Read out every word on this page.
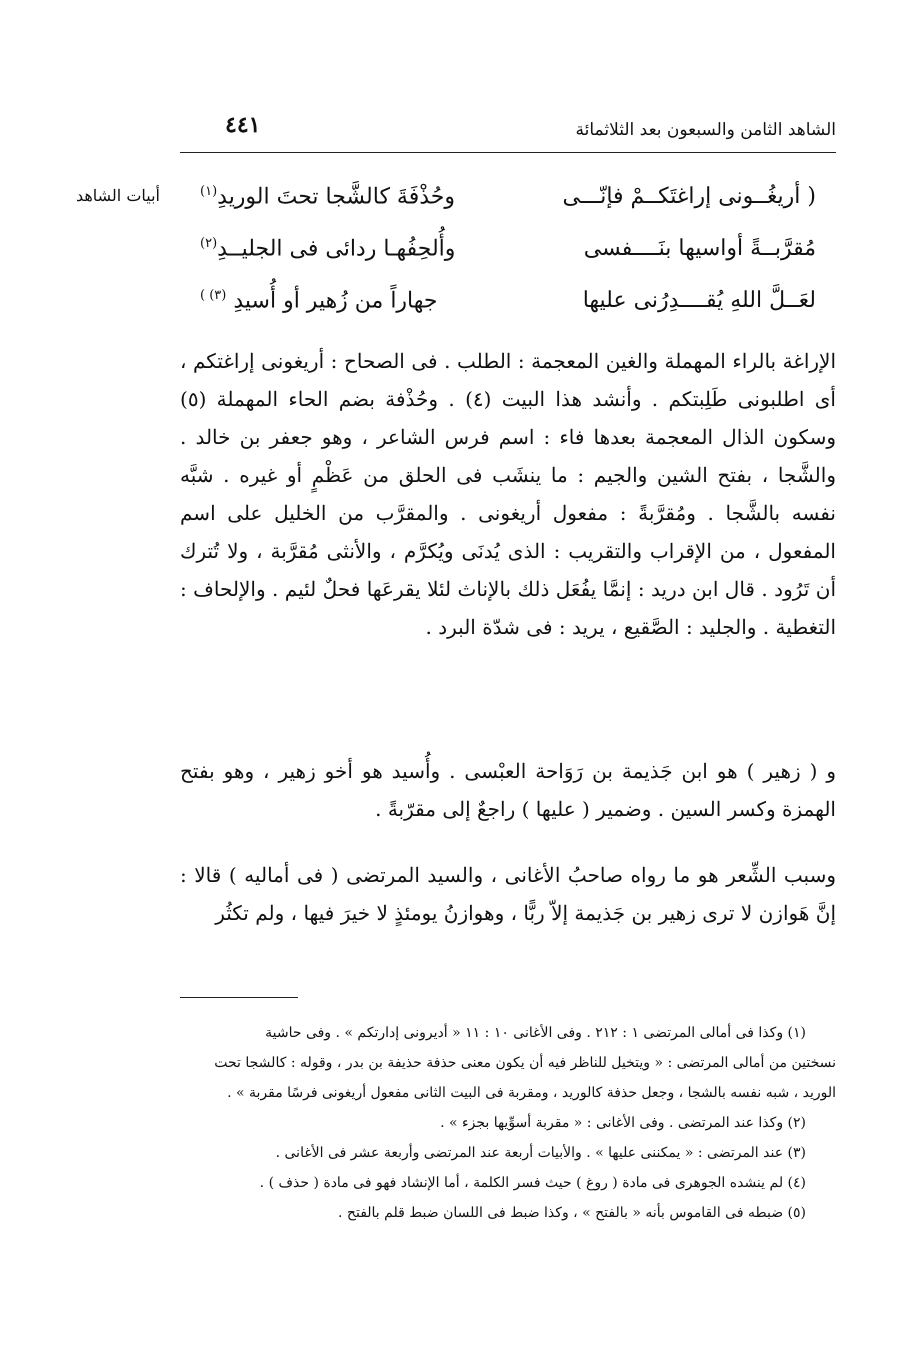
الشاهد الثامن والسبعون بعد الثلاثمائة
٤٤١
أبيات الشاهد	( أريغُــونى إراغتَكــمْ فإنّـــى
وحُذْفَةَ كالشَّجا تحتَ الوريدِ$^{(١)}$
مُقرَّبــةً أواسيها بنَــــفسى
وأُلحِفُهـا ردائى فى الجليــدِ$^{(٢)}$
لعَــلَّ اللهِ يُقــــدِرُنى عليها
جهاراً من زُهير أو أُسيدِ $^{(٣) )}$
الإراغة بالراء المهملة والغين المعجمة : الطلب . فى الصحاح : أريغونى إراغتكم ، أى اطلبونى طَلِبتكم . وأنشد هذا البيت (٤) . وحُذْفة بضم الحاء المهملة (٥) وسكون الذال المعجمة بعدها فاء : اسم فرس الشاعر ، وهو جعفر بن خالد . والشَّجا ، بفتح الشين والجيم : ما ينشَب فى الحلق من عَظْمٍ أو غيره . شبَّه نفسه بالشَّجا . ومُقرَّبةً : مفعول أريغونى . والمقرَّب من الخليل على اسم المفعول ، من الإقراب والتقريب : الذى يُدنَى ويُكرَّم ، والأنثى مُقرَّبة ، ولا تُترك أن تَرُود . قال ابن دريد : إنمَّا يفُعَل ذلك بالإناث لئلا يقرعَها فحلٌ لئيم . والإلحاف : التغطية . والجليد : الصَّقيع ، يريد : فى شدّة البرد .
و ( زهير ) هو ابن جَذيمة بن رَوَاحة العبْسى . وأُسيد هو أخو زهير ، وهو بفتح الهمزة وكسر السين . وضمير ( عليها ) راجعٌ إلى مقرّبةً .
وسبب الشِّعر هو ما رواه صاحبُ الأغانى ، والسيد المرتضى ( فى أماليه ) قالا : إنَّ هَوازن لا ترى زهير بن جَذيمة إلاّ ربًّا ، وهوازنُ يومئذٍ لا خيرَ فيها ، ولم تكثُر
(١) وكذا فى أمالى المرتضى ١ : ٢١٢ . وفى الأغانى ١٠ : ١١ « أديرونى إدارتكم » . وفى حاشية
نسختين من أمالى المرتضى : « ويتخيل للناظر فيه أن يكون معنى حذفة حذيفة بن بدر ، وقوله : كالشجا تحت
الوريد ، شبه نفسه بالشجا ، وجعل حذفة كالوريد ، ومقربة فى البيت الثانى مفعول أريغونى فرسًا مقربة » .
(٢) وكذا عند المرتضى . وفى الأغانى : « مقربة أسوِّيها بجزء » .
(٣) عند المرتضى : « يمكننى عليها » . والأبيات أربعة عند المرتضى وأربعة عشر فى الأغانى .
(٤) لم ينشده الجوهرى فى مادة ( روغ ) حيث فسر الكلمة ، أما الإنشاد فهو فى مادة ( حذف ) .
(٥) ضبطه فى القاموس بأنه « بالفتح » ، وكذا ضبط فى اللسان ضبط قلم بالفتح .
